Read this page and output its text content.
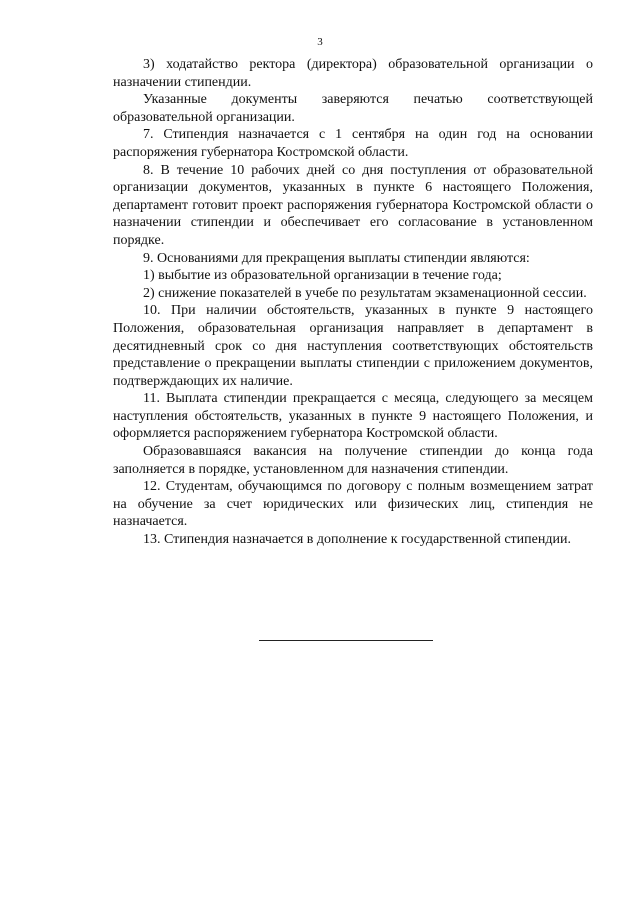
3

3) ходатайство ректора (директора) образовательной организации о назначении стипендии.

Указанные документы заверяются печатью соответствующей образовательной организации.

7. Стипендия назначается с 1 сентября на один год на основании распоряжения губернатора Костромской области.

8. В течение 10 рабочих дней со дня поступления от образовательной организации документов, указанных в пункте 6 настоящего Положения, департамент готовит проект распоряжения губернатора Костромской области о назначении стипендии и обеспечивает его согласование в установленном порядке.

9. Основаниями для прекращения выплаты стипендии являются:

1) выбытие из образовательной организации в течение года;

2) снижение показателей в учебе по результатам экзаменационной сессии.

10. При наличии обстоятельств, указанных в пункте 9 настоящего Положения, образовательная организация направляет в департамент в десятидневный срок со дня наступления соответствующих обстоятельств представление о прекращении выплаты стипендии с приложением документов, подтверждающих их наличие.

11. Выплата стипендии прекращается с месяца, следующего за месяцем наступления обстоятельств, указанных в пункте 9 настоящего Положения, и оформляется распоряжением губернатора Костромской области.

Образовавшаяся вакансия на получение стипендии до конца года заполняется в порядке, установленном для назначения стипендии.

12. Студентам, обучающимся по договору с полным возмещением затрат на обучение за счет юридических или физических лиц, стипендия не назначается.

13. Стипендия назначается в дополнение к государственной стипендии.
